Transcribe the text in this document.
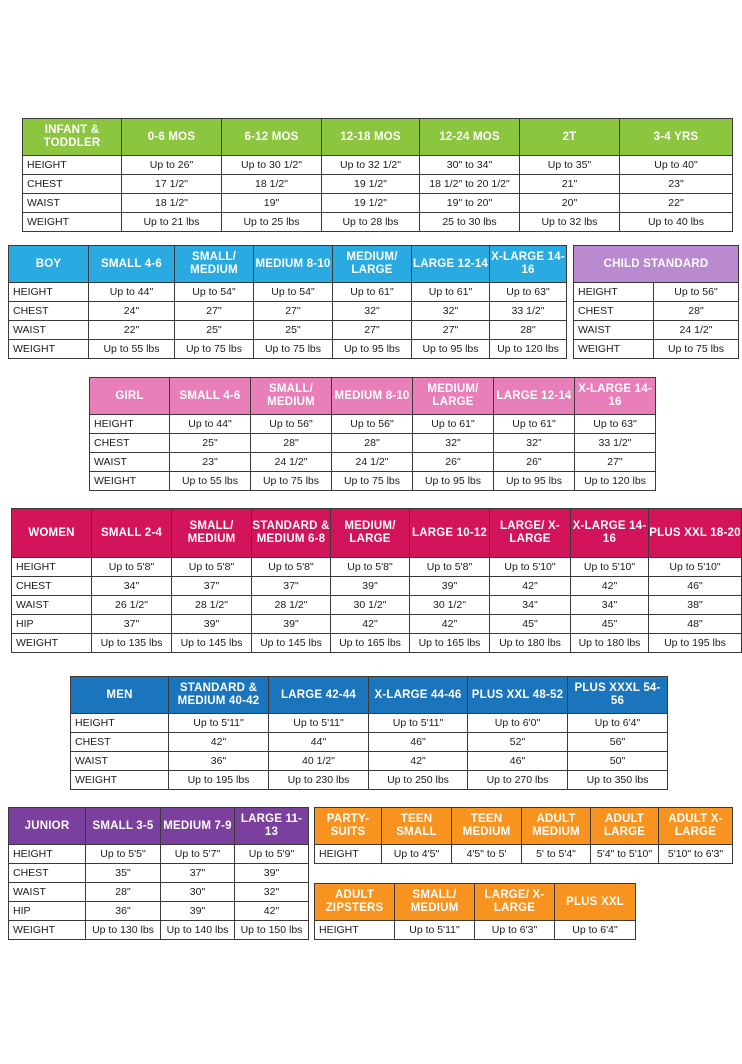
INFANT & TODDLER	0-6 MOS	6-12 MOS	12-18 MOS	12-24 MOS	2T	3-4 YRS
HEIGHT	Up to 26"	Up to 30 1/2"	Up to 32 1/2"	30" to 34"	Up to 35"	Up to 40"
CHEST	17 1/2"	18 1/2"	19 1/2"	18 1/2" to 20 1/2"	21"	23"
WAIST	18 1/2"	19"	19 1/2"	19" to 20"	20"	22"
WEIGHT	Up to 21 lbs	Up to 25 lbs	Up to 28 lbs	25 to 30 lbs	Up to 32 lbs	Up to 40 lbs
BOY	SMALL 4-6	SMALL/ MEDIUM	MEDIUM 8-10	MEDIUM/ LARGE	LARGE 12-14	X-LARGE 14-16
HEIGHT	Up to 44"	Up to 54"	Up to 54"	Up to 61"	Up to 61"	Up to 63"
CHEST	24"	27"	27"	32"	32"	33 1/2"
WAIST	22"	25"	25"	27"	27"	28"
WEIGHT	Up to 55 lbs	Up to 75 lbs	Up to 75 lbs	Up to 95 lbs	Up to 95 lbs	Up to 120 lbs
CHILD STANDARD	
HEIGHT	Up to 56"
CHEST	28"
WAIST	24 1/2"
WEIGHT	Up to 75 lbs
GIRL	SMALL 4-6	SMALL/ MEDIUM	MEDIUM 8-10	MEDIUM/ LARGE	LARGE 12-14	X-LARGE 14-16
HEIGHT	Up to 44"	Up to 56"	Up to 56"	Up to 61"	Up to 61"	Up to 63"
CHEST	25"	28"	28"	32"	32"	33 1/2"
WAIST	23"	24 1/2"	24 1/2"	26"	26"	27"
WEIGHT	Up to 55 lbs	Up to 75 lbs	Up to 75 lbs	Up to 95 lbs	Up to 95 lbs	Up to 120 lbs
WOMEN	SMALL 2-4	SMALL/ MEDIUM	STANDARD & MEDIUM 6-8	MEDIUM/ LARGE	LARGE 10-12	LARGE/ X-LARGE	X-LARGE 14-16	PLUS XXL 18-20
HEIGHT	Up to 5'8"	Up to 5'8"	Up to 5'8"	Up to 5'8"	Up to 5'8"	Up to 5'10"	Up to 5'10"	Up to 5'10"
CHEST	34"	37"	37"	39"	39"	42"	42"	46"
WAIST	26 1/2"	28 1/2"	28 1/2"	30 1/2"	30 1/2"	34"	34"	38"
HIP	37"	39"	39"	42"	42"	45"	45"	48"
WEIGHT	Up to 135 lbs	Up to 145 lbs	Up to 145 lbs	Up to 165 lbs	Up to 165 lbs	Up to 180 lbs	Up to 180 lbs	Up to 195 lbs
MEN	STANDARD & MEDIUM 40-42	LARGE 42-44	X-LARGE 44-46	PLUS XXL 48-52	PLUS XXXL 54-56
HEIGHT	Up to 5'11"	Up to 5'11"	Up to 5'11"	Up to 6'0"	Up to 6'4"
CHEST	42"	44"	46"	52"	56"
WAIST	36"	40 1/2"	42"	46"	50"
WEIGHT	Up to 195 lbs	Up to 230 lbs	Up to 250 lbs	Up to 270 lbs	Up to 350 lbs
JUNIOR	SMALL 3-5	MEDIUM 7-9	LARGE 11-13
HEIGHT	Up to 5'5"	Up to 5'7"	Up to 5'9"
CHEST	35"	37"	39"
WAIST	28"	30"	32"
HIP	36"	39"	42"
WEIGHT	Up to 130 lbs	Up to 140 lbs	Up to 150 lbs
PARTY- SUITS	TEEN SMALL	TEEN MEDIUM	ADULT MEDIUM	ADULT LARGE	ADULT X-LARGE
HEIGHT	Up to 4'5"	4'5" to 5'	5' to 5'4"	5'4" to 5'10"	5'10" to 6'3"
ADULT ZIPSTERS	SMALL/ MEDIUM	LARGE/ X-LARGE	PLUS XXL
HEIGHT	Up to 5'11"	Up to 6'3"	Up to 6'4"
